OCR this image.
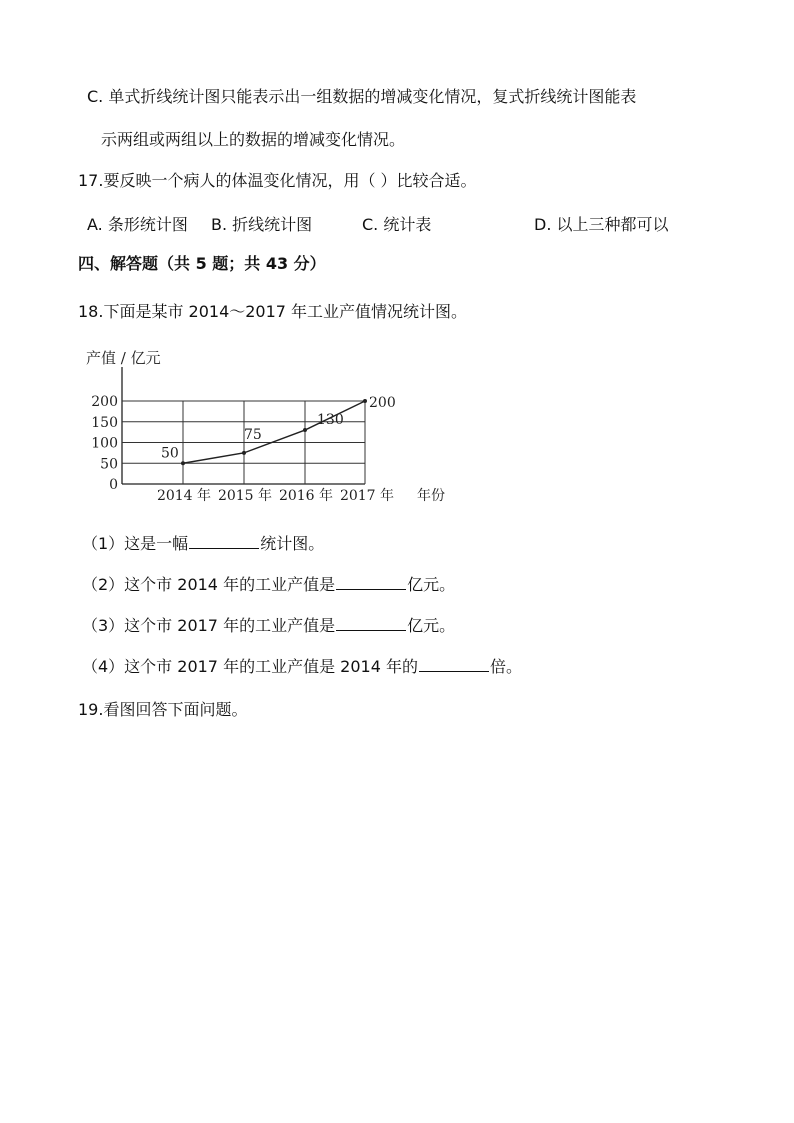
C. 单式折线统计图只能表示出一组数据的增减变化情况，复式折线统计图能表
示两组或两组以上的数据的增减变化情况。
17.要反映一个病人的体温变化情况，用（ ）比较合适。
A. 条形统计图 B. 折线统计图	C. 统计表	D. 以上三种都可以
四、解答题（共 5 题；共 43 分）
18.下面是某市 2014～2017 年工业产值情况统计图。
0
50
100
150
200
50
75
130
200
2014 年 2015 年 2016 年 2017 年 年份
产值 / 亿元
（1）这是一幅	统计图。
（2）这个市 2014 年的工业产值是	亿元。
（3）这个市 2017 年的工业产值是	亿元。
（4）这个市 2017 年的工业产值是 2014 年的	倍。
19.看图回答下面问题。
